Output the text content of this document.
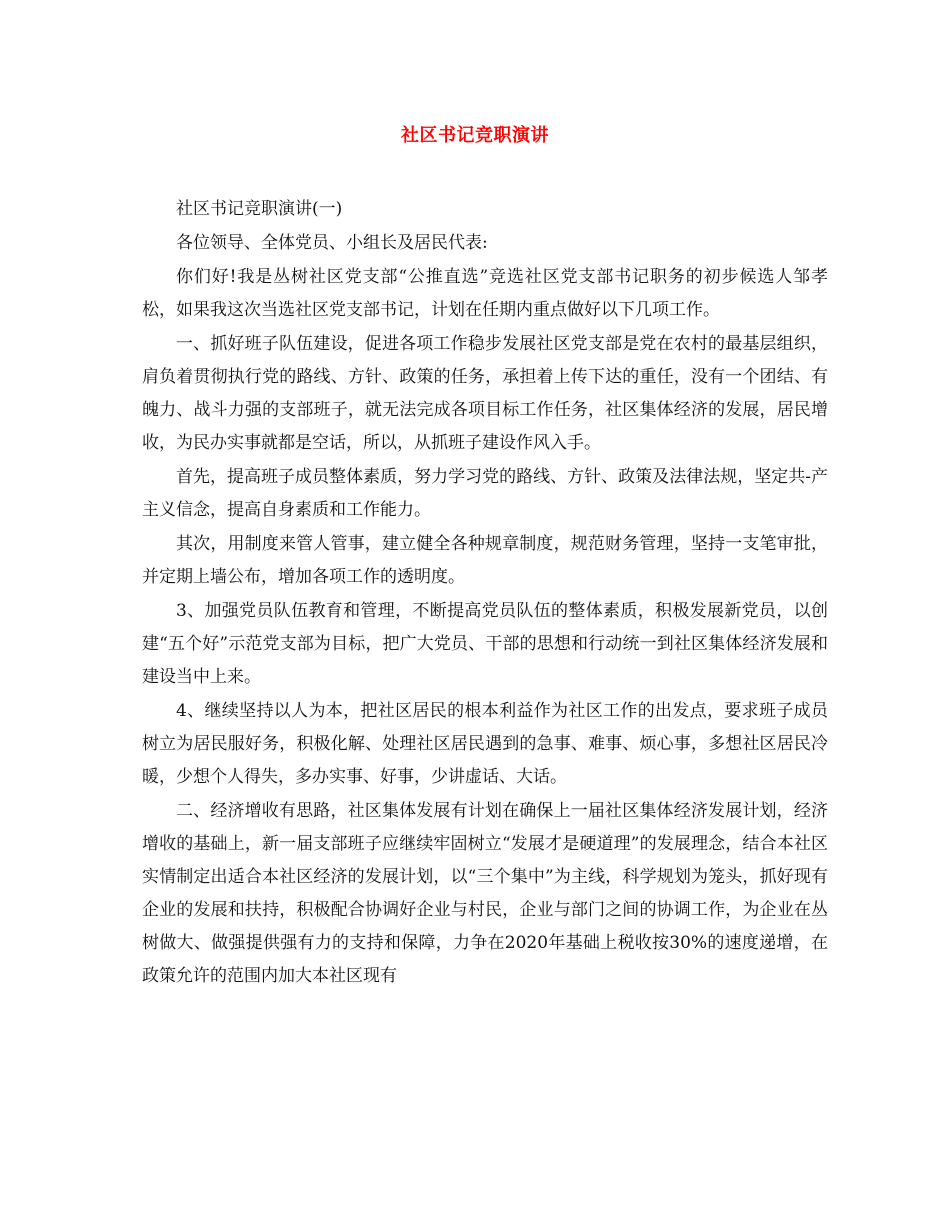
社区书记竞职演讲

社区书记竞职演讲(一)

各位领导、全体党员、小组长及居民代表:

你们好!我是丛树社区党支部“公推直选”竞选社区党支部书记职务的初步候选人邹孝松，如果我这次当选社区党支部书记，计划在任期内重点做好以下几项工作。

一、抓好班子队伍建设，促进各项工作稳步发展社区党支部是党在农村的最基层组织，肩负着贯彻执行党的路线、方针、政策的任务，承担着上传下达的重任，没有一个团结、有魄力、战斗力强的支部班子，就无法完成各项目标工作任务，社区集体经济的发展，居民增收，为民办实事就都是空话，所以，从抓班子建设作风入手。

首先，提高班子成员整体素质，努力学习党的路线、方针、政策及法律法规，坚定共-产主义信念，提高自身素质和工作能力。

其次，用制度来管人管事，建立健全各种规章制度，规范财务管理，坚持一支笔审批，并定期上墙公布，增加各项工作的透明度。

3、加强党员队伍教育和管理，不断提高党员队伍的整体素质，积极发展新党员，以创建“五个好”示范党支部为目标，把广大党员、干部的思想和行动统一到社区集体经济发展和建设当中上来。

4、继续坚持以人为本，把社区居民的根本利益作为社区工作的出发点，要求班子成员树立为居民服好务，积极化解、处理社区居民遇到的急事、难事、烦心事，多想社区居民冷暖，少想个人得失，多办实事、好事，少讲虚话、大话。

二、经济增收有思路，社区集体发展有计划在确保上一届社区集体经济发展计划，经济增收的基础上，新一届支部班子应继续牢固树立“发展才是硬道理”的发展理念，结合本社区实情制定出适合本社区经济的发展计划，以“三个集中”为主线，科学规划为笼头，抓好现有企业的发展和扶持，积极配合协调好企业与村民，企业与部门之间的协调工作，为企业在丛树做大、做强提供强有力的支持和保障，力争在2020年基础上税收按30%的速度递增，在政策允许的范围内加大本社区现有
